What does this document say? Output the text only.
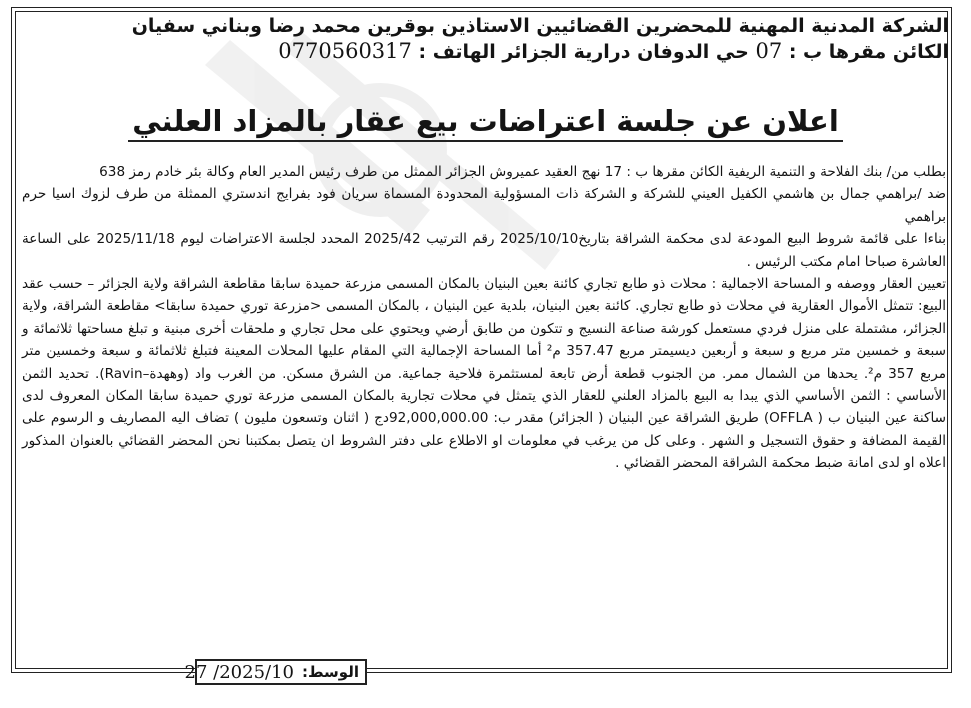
الشركة المدنية المهنية للمحضرين القضائيين الاستاذين بوقرين محمد رضا وبناني سفيان
الكائن مقرها ب : 07 حي الدوفان درارية الجزائر الهاتف : 0770560317
اعلان عن جلسة اعتراضات بيع عقار بالمزاد العلني

بطلب من/ بنك الفلاحة و التنمية الريفية الكائن مقرها ب : 17 نهج العقيد عميروش الجزائر الممثل من طرف رئيس المدير العام وكالة بئر خادم رمز 638

ضد /براهمي جمال بن هاشمي الكفيل العيني للشركة و الشركة ذات المسؤولية المحدودة المسماة سريان فود بفرايج اندستري الممثلة من طرف لزوك اسيا حرم براهمي

بناءا على قائمة شروط البيع المودعة لدى محكمة الشراقة بتاريخ2025/10/10 رقم الترتيب 2025/42 المحدد لجلسة الاعتراضات ليوم 2025/11/18 على الساعة العاشرة صباحا امام مكتب الرئيس .

تعيين العقار ووصفه و المساحة الاجمالية : محلات ذو طابع تجاري كائنة بعين البنيان بالمكان المسمى مزرعة حميدة سابقا مقاطعة الشراقة ولاية الجزائر – حسب عقد البيع: تتمثل الأموال العقارية في محلات ذو طابع تجاري. كائنة بعين البنيان، بلدية عين البنيان ، بالمكان المسمى <مزرعة توري حميدة سابقا> مقاطعة الشراقة، ولاية الجزائر، مشتملة على منزل فردي مستعمل كورشة صناعة النسيج و تتكون من طابق أرضي ويحتوي على محل تجاري و ملحقات أخرى مبنية و تبلغ مساحتها ثلاثمائة و سبعة و خمسين متر مربع و سبعة و أربعين ديسيمتر مربع 357.47 م² أما المساحة الإجمالية التي المقام عليها المحلات المعينة فتبلغ ثلاثمائة و سبعة وخمسين متر مربع 357 م². يحدها من الشمال ممر. من الجنوب قطعة أرض تابعة لمستثمرة فلاحية جماعية. من الشرق مسكن. من الغرب واد (وههدة–Ravin). تحديد الثمن الأساسي : الثمن الأساسي الذي يبدا به البيع بالمزاد العلني للعقار الذي يتمثل في محلات تجارية بالمكان المسمى مزرعة توري حميدة سابقا المكان المعروف لدى ساكنة عين البنيان ب ( OFFLA) طريق الشراقة عين البنيان ( الجزائر) مقدر ب: 92,000,000.00دج ( اثنان وتسعون مليون ) تضاف اليه المصاريف و الرسوم على القيمة المضافة و حقوق التسجيل و الشهر . وعلى كل من يرغب في معلومات او الاطلاع على دفتر الشروط ان يتصل بمكتبنا نحن المحضر القضائي بالعنوان المذكور اعلاه او لدى امانة ضبط محكمة الشراقة المحضر القضائي .

الوسط:
2025/10/ 27
